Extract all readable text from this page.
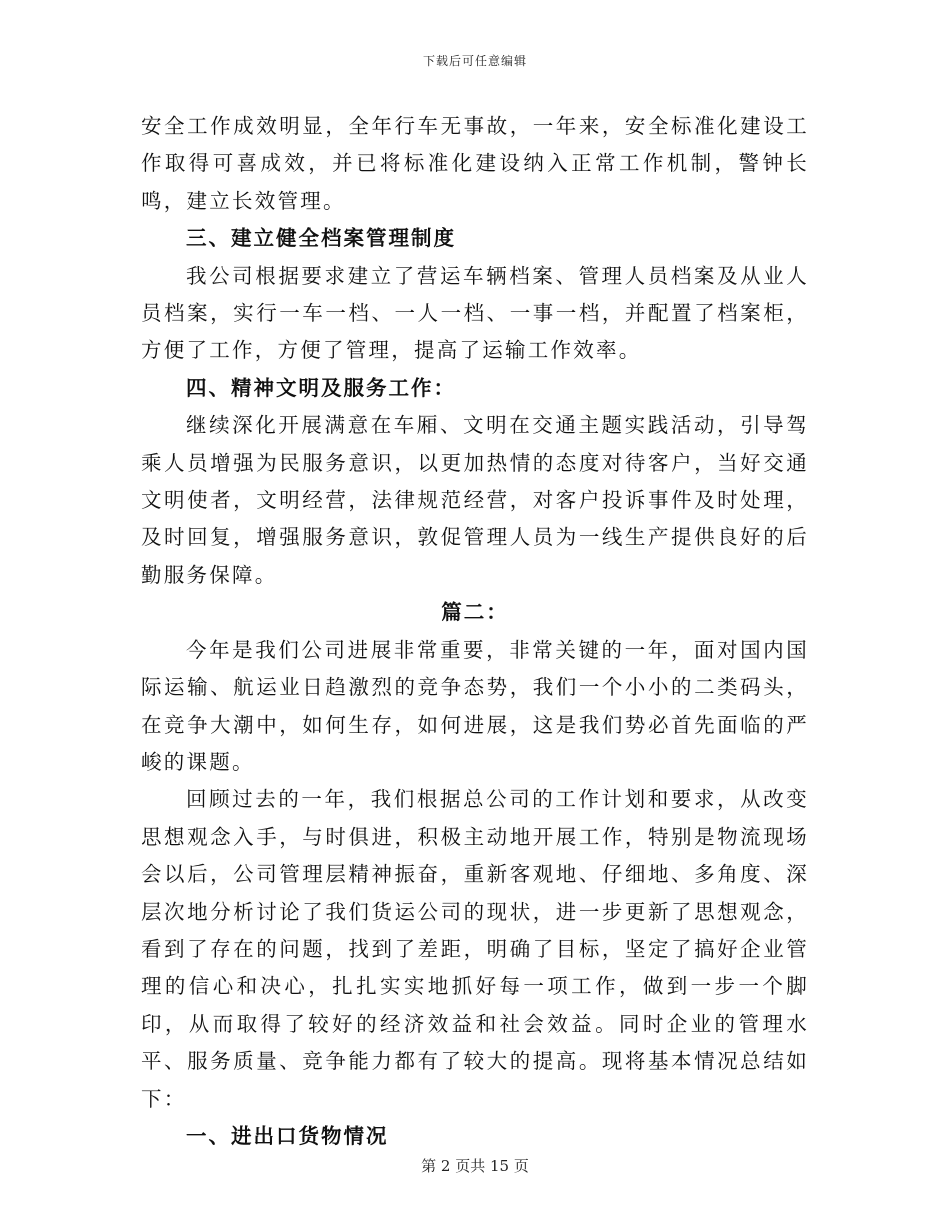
下载后可任意编辑

安全工作成效明显，全年行车无事故，一年来，安全标准化建设工作取得可喜成效，并已将标准化建设纳入正常工作机制，警钟长鸣，建立长效管理。

三、建立健全档案管理制度

我公司根据要求建立了营运车辆档案、管理人员档案及从业人员档案，实行一车一档、一人一档、一事一档，并配置了档案柜，方便了工作，方便了管理，提高了运输工作效率。

四、精神文明及服务工作：

继续深化开展满意在车厢、文明在交通主题实践活动，引导驾乘人员增强为民服务意识，以更加热情的态度对待客户，当好交通文明使者，文明经营，法律规范经营，对客户投诉事件及时处理，及时回复，增强服务意识，敦促管理人员为一线生产提供良好的后勤服务保障。

篇二：

今年是我们公司进展非常重要，非常关键的一年，面对国内国际运输、航运业日趋激烈的竞争态势，我们一个小小的二类码头，在竞争大潮中，如何生存，如何进展，这是我们势必首先面临的严峻的课题。

回顾过去的一年，我们根据总公司的工作计划和要求，从改变思想观念入手，与时俱进，积极主动地开展工作，特别是物流现场会以后，公司管理层精神振奋，重新客观地、仔细地、多角度、深层次地分析讨论了我们货运公司的现状，进一步更新了思想观念，看到了存在的问题，找到了差距，明确了目标，坚定了搞好企业管理的信心和决心，扎扎实实地抓好每一项工作，做到一步一个脚印，从而取得了较好的经济效益和社会效益。同时企业的管理水平、服务质量、竞争能力都有了较大的提高。现将基本情况总结如下：

一、进出口货物情况

第 2 页共 15 页
